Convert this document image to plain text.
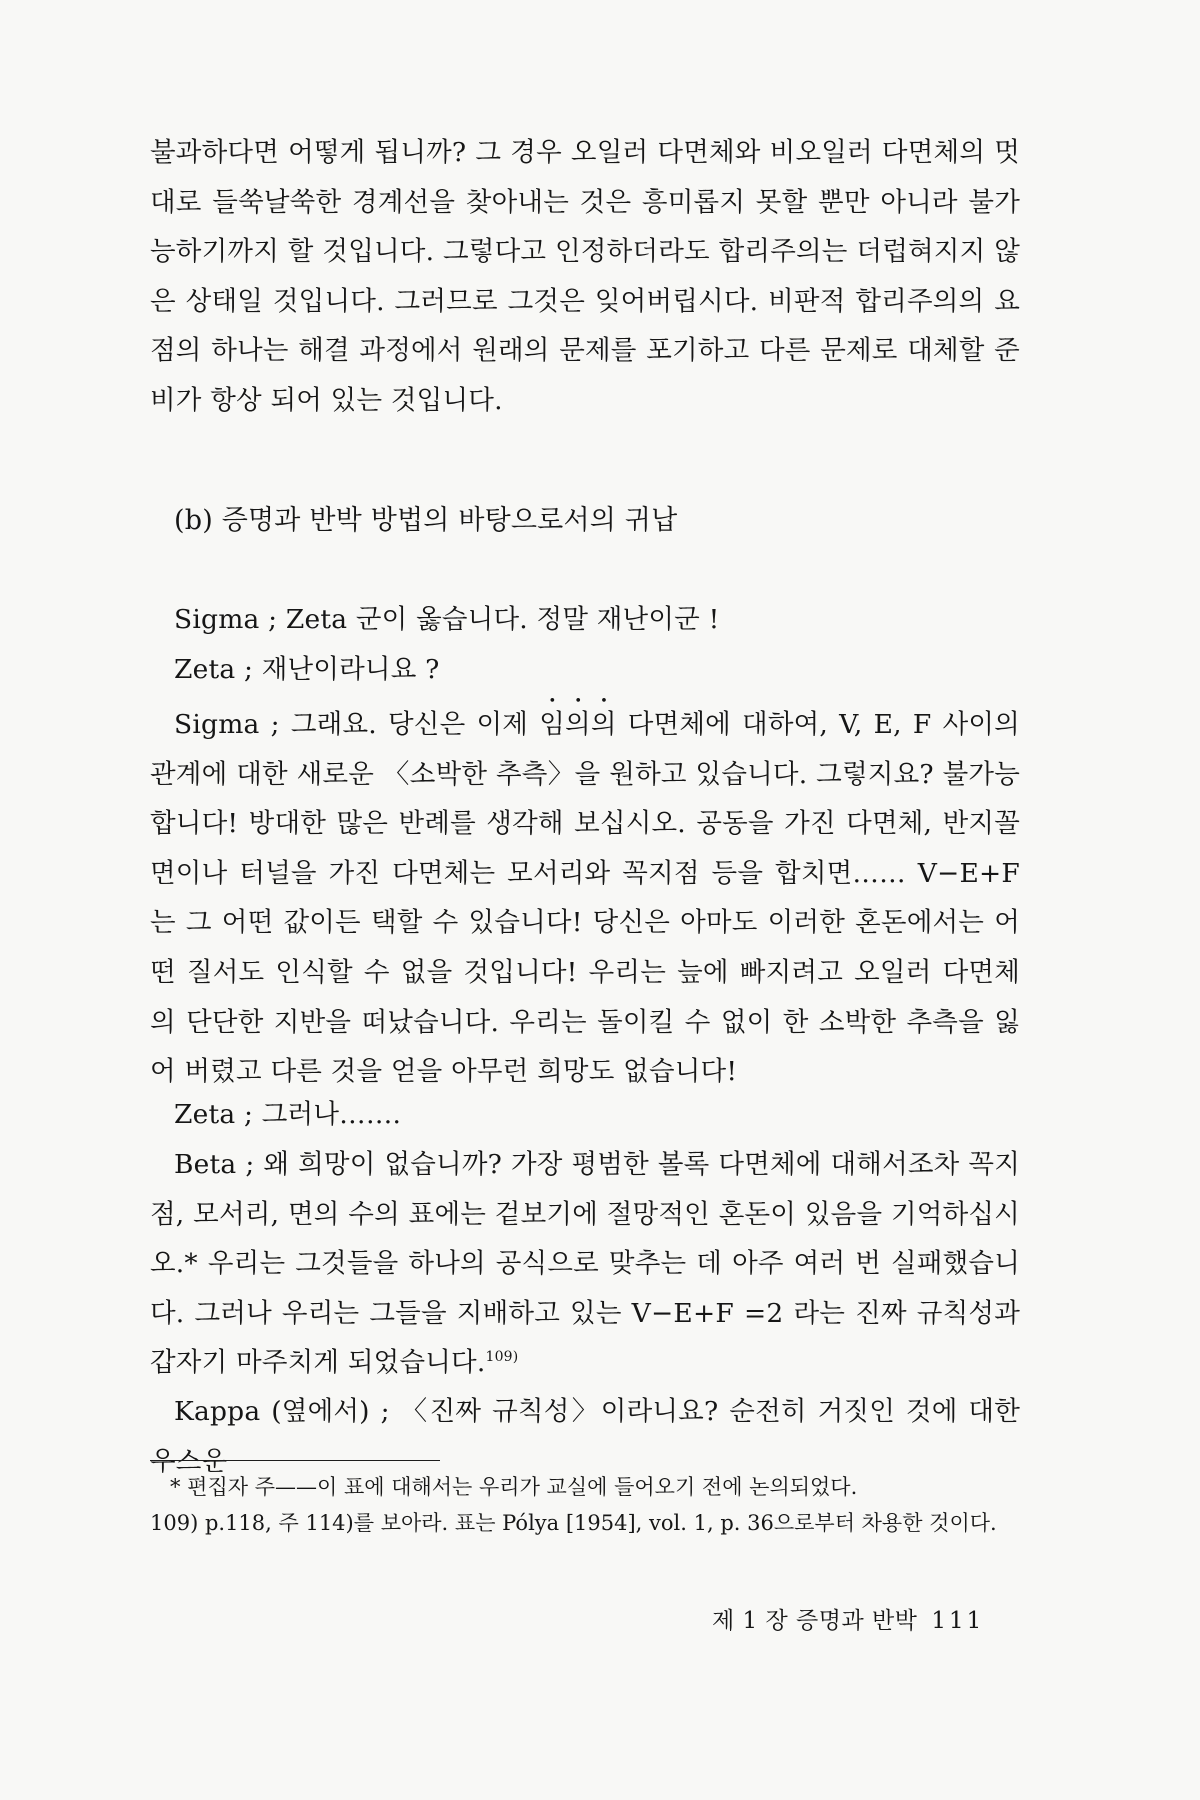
불과하다면 어떻게 됩니까? 그 경우 오일러 다면체와 비오일러 다면체의 멋대로 들쑥날쑥한 경계선을 찾아내는 것은 흥미롭지 못할 뿐만 아니라 불가능하기까지 할 것입니다. 그렇다고 인정하더라도 합리주의는 더럽혀지지 않은 상태일 것입니다. 그러므로 그것은 잊어버립시다. 비판적 합리주의의 요점의 하나는 해결 과정에서 원래의 문제를 포기하고 다른 문제로 대체할 준비가 항상 되어 있는 것입니다.
(b) 증명과 반박 방법의 바탕으로서의 귀납
Sigma ; Zeta 군이 옳습니다. 정말 재난이군 !
Zeta ; 재난이라니요 ?
Sigma ; 그래요. 당신은 이제 임의의 다면체에 대하여, V, E, F 사이의 관계에 대한 새로운 〈소박한 추측〉을 원하고 있습니다. 그렇지요? 불가능합니다! 방대한 많은 반례를 생각해 보십시오. 공동을 가진 다면체, 반지꼴 면이나 터널을 가진 다면체는 모서리와 꼭지점 등을 합치면…… V−E+F 는 그 어떤 값이든 택할 수 있습니다! 당신은 아마도 이러한 혼돈에서는 어떤 질서도 인식할 수 없을 것입니다! 우리는 늪에 빠지려고 오일러 다면체의 단단한 지반을 떠났습니다. 우리는 돌이킬 수 없이 한 소박한 추측을 잃어 버렸고 다른 것을 얻을 아무런 희망도 없습니다!
Zeta ; 그러나…….
Beta ; 왜 희망이 없습니까? 가장 평범한 볼록 다면체에 대해서조차 꼭지점, 모서리, 면의 수의 표에는 겉보기에 절망적인 혼돈이 있음을 기억하십시오.* 우리는 그것들을 하나의 공식으로 맞추는 데 아주 여러 번 실패했습니다. 그러나 우리는 그들을 지배하고 있는 V−E+F =2 라는 진짜 규칙성과 갑자기 마주치게 되었습니다.$^{109)}$
Kappa (옆에서) ; 〈진짜 규칙성〉이라니요? 순전히 거짓인 것에 대한 우스운
* 편집자 주——이 표에 대해서는 우리가 교실에 들어오기 전에 논의되었다.
109) p.118, 주 114)를 보아라. 표는 Pólya [1954], vol. 1, p. 36으로부터 차용한 것이다.
제 1 장 증명과 반박 111
